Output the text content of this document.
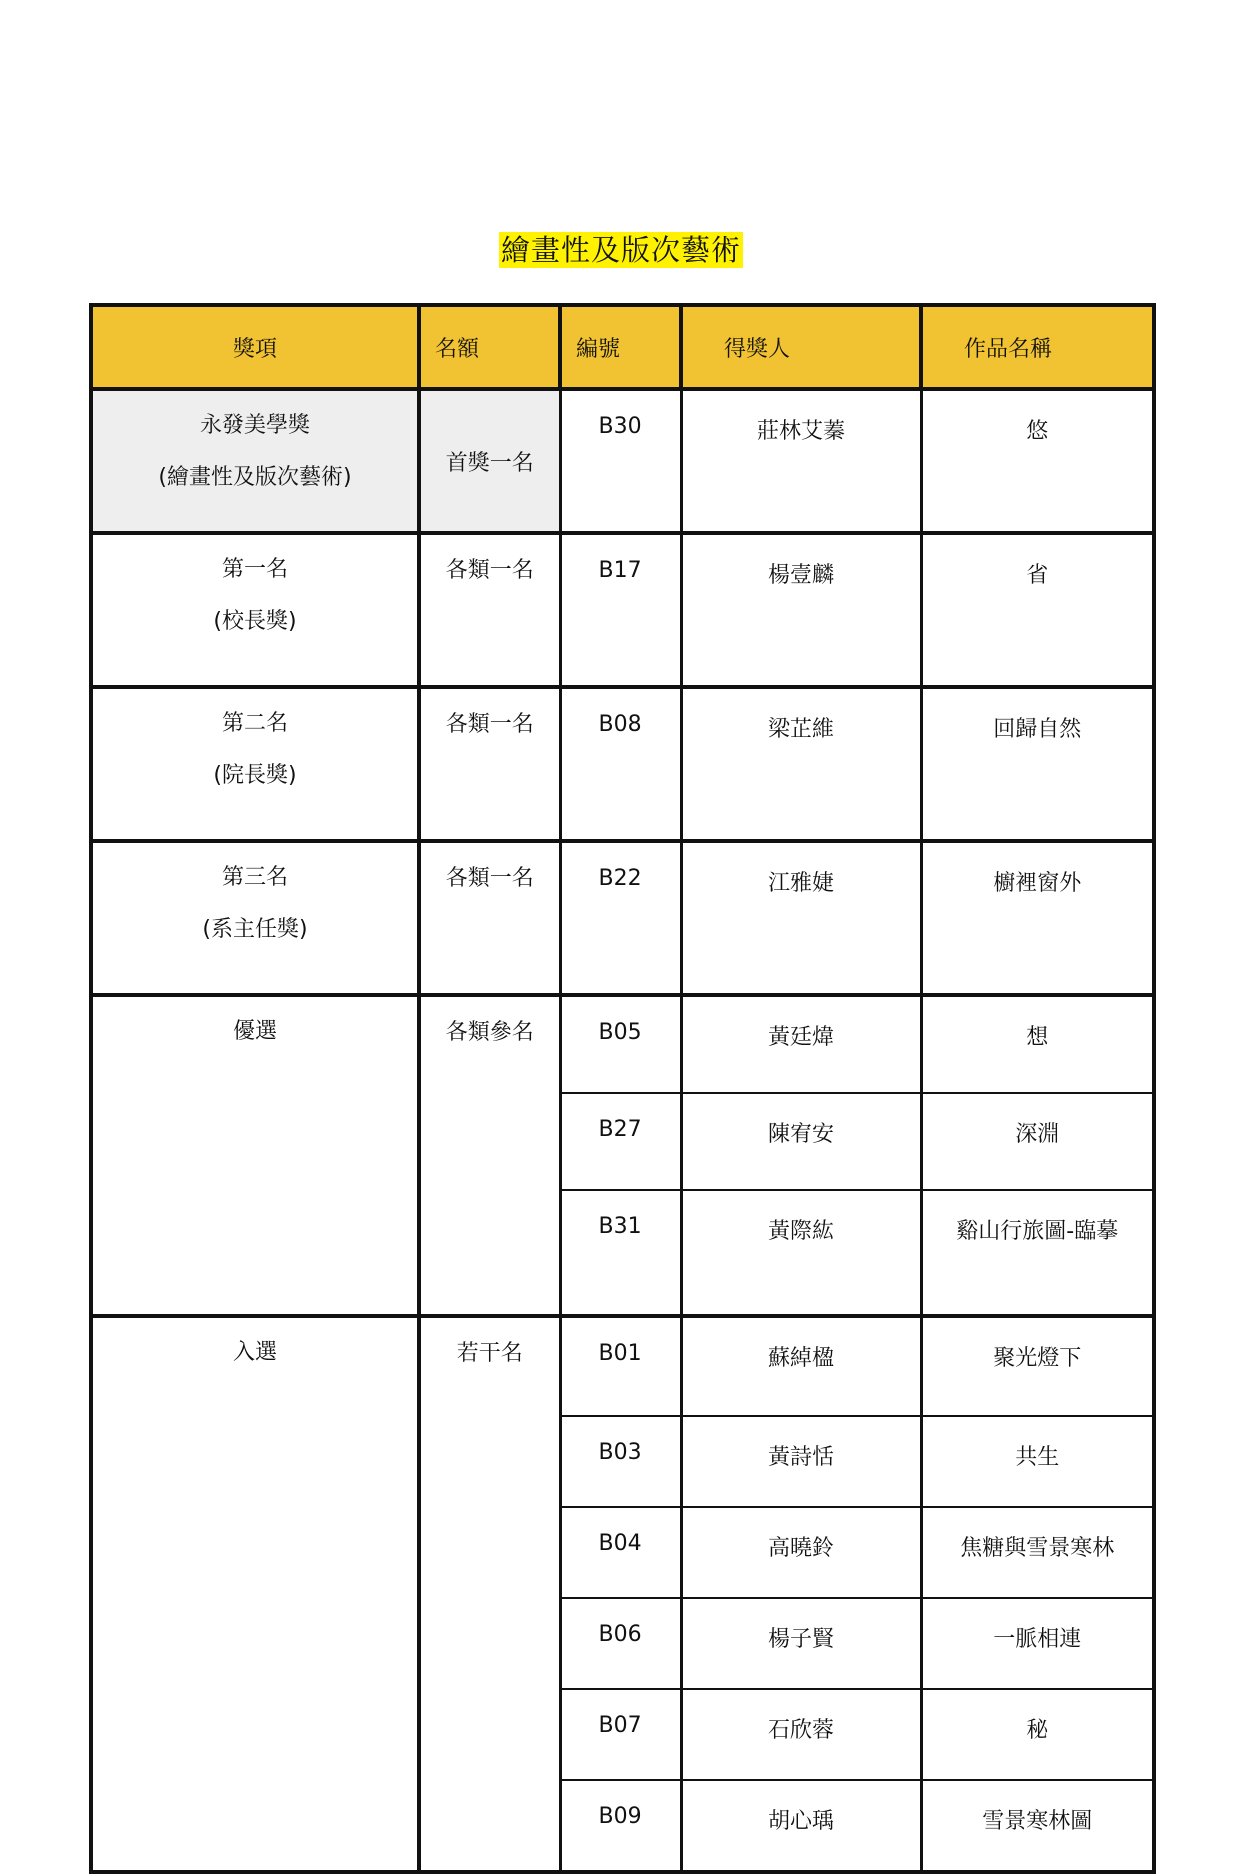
繪畫性及版次藝術
獎項	名額	編號	得獎人	作品名稱

永發美學獎
(繪畫性及版次藝術)	首獎一名	B30	莊林艾蓁	悠

第一名
(校長獎)	各類一名	B17	楊壹麟	省

第二名
(院長獎)	各類一名	B08	梁芷維	回歸自然

第三名
(系主任獎)	各類一名	B22	江雅婕	櫥裡窗外

優選	各類參名	B05	黃廷煒	想
		B27	陳宥安	深淵
		B31	黃際紘	谿山行旅圖-臨摹

入選	若干名	B01	蘇綽楹	聚光燈下
		B03	黃詩恬	共生
		B04	高曉鈴	焦糖與雪景寒林
		B06	楊子賢	一脈相連
		B07	石欣蓉	秘
		B09	胡心瑀	雪景寒林圖
